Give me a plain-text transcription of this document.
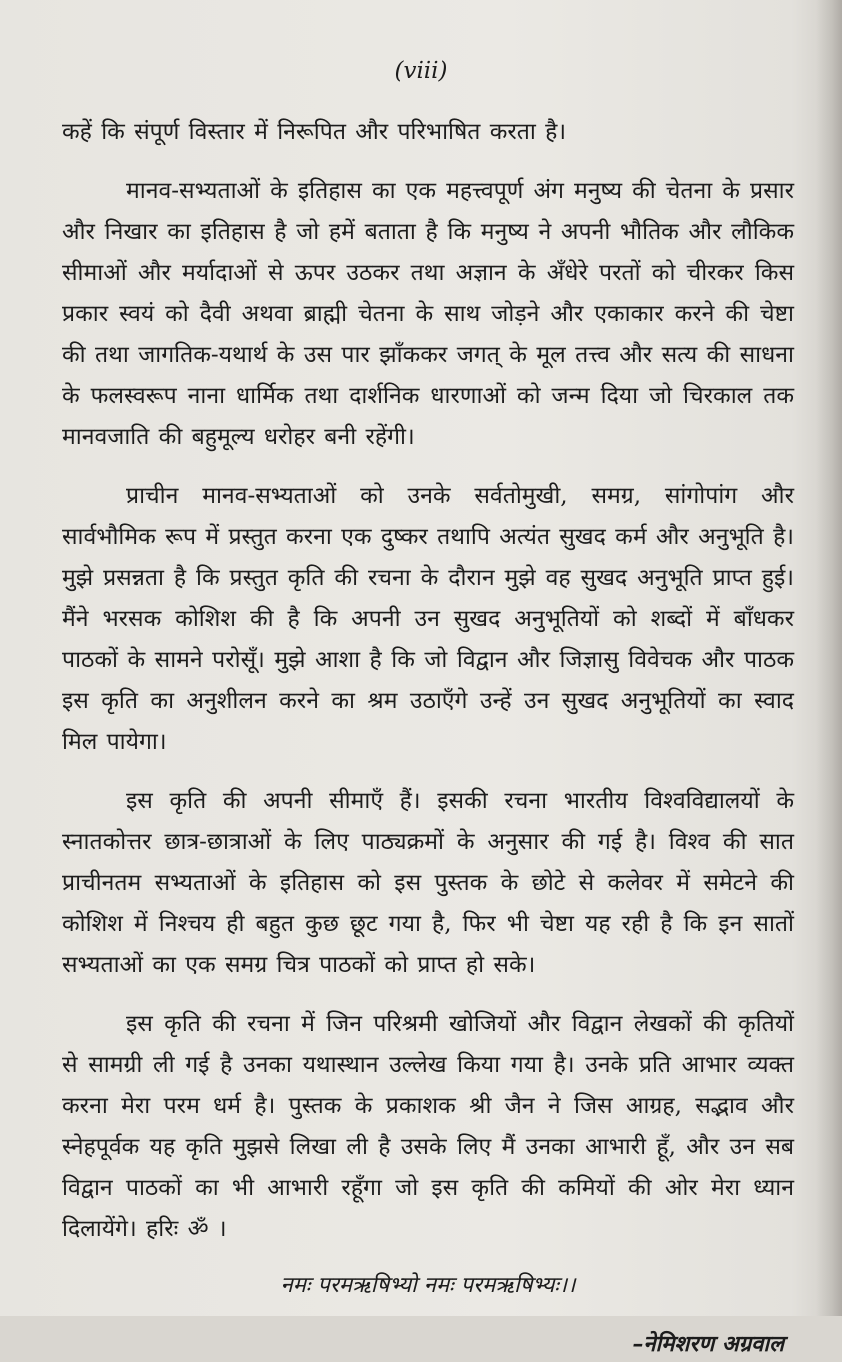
(viii)

कहें कि संपूर्ण विस्तार में निरूपित और परिभाषित करता है।

मानव-सभ्यताओं के इतिहास का एक महत्त्वपूर्ण अंग मनुष्य की चेतना के प्रसार और निखार का इतिहास है जो हमें बताता है कि मनुष्य ने अपनी भौतिक और लौकिक सीमाओं और मर्यादाओं से ऊपर उठकर तथा अज्ञान के अँधेरे परतों को चीरकर किस प्रकार स्वयं को दैवी अथवा ब्राह्मी चेतना के साथ जोड़ने और एकाकार करने की चेष्टा की तथा जागतिक-यथार्थ के उस पार झाँककर जगत् के मूल तत्त्व और सत्य की साधना के फलस्वरूप नाना धार्मिक तथा दार्शनिक धारणाओं को जन्म दिया जो चिरकाल तक मानवजाति की बहुमूल्य धरोहर बनी रहेंगी।

प्राचीन मानव-सभ्यताओं को उनके सर्वतोमुखी, समग्र, सांगोपांग और सार्वभौमिक रूप में प्रस्तुत करना एक दुष्कर तथापि अत्यंत सुखद कर्म और अनुभूति है। मुझे प्रसन्नता है कि प्रस्तुत कृति की रचना के दौरान मुझे वह सुखद अनुभूति प्राप्त हुई। मैंने भरसक कोशिश की है कि अपनी उन सुखद अनुभूतियों को शब्दों में बाँधकर पाठकों के सामने परोसूँ। मुझे आशा है कि जो विद्वान और जिज्ञासु विवेचक और पाठक इस कृति का अनुशीलन करने का श्रम उठाएँगे उन्हें उन सुखद अनुभूतियों का स्वाद मिल पायेगा।

इस कृति की अपनी सीमाएँ हैं। इसकी रचना भारतीय विश्वविद्यालयों के स्नातकोत्तर छात्र-छात्राओं के लिए पाठ्यक्रमों के अनुसार की गई है। विश्व की सात प्राचीनतम सभ्यताओं के इतिहास को इस पुस्तक के छोटे से कलेवर में समेटने की कोशिश में निश्चय ही बहुत कुछ छूट गया है, फिर भी चेष्टा यह रही है कि इन सातों सभ्यताओं का एक समग्र चित्र पाठकों को प्राप्त हो सके।

इस कृति की रचना में जिन परिश्रमी खोजियों और विद्वान लेखकों की कृतियों से सामग्री ली गई है उनका यथास्थान उल्लेख किया गया है। उनके प्रति आभार व्यक्त करना मेरा परम धर्म है। पुस्तक के प्रकाशक श्री जैन ने जिस आग्रह, सद्भाव और स्नेहपूर्वक यह कृति मुझसे लिखा ली है उसके लिए मैं उनका आभारी हूँ, और उन सब विद्वान पाठकों का भी आभारी रहूँगा जो इस कृति की कमियों की ओर मेरा ध्यान दिलायेंगे। हरिः ॐ ।

नमः परमऋषिभ्यो नमः परमऋषिभ्यः।।
–नेमिशरण अग्रवाल
